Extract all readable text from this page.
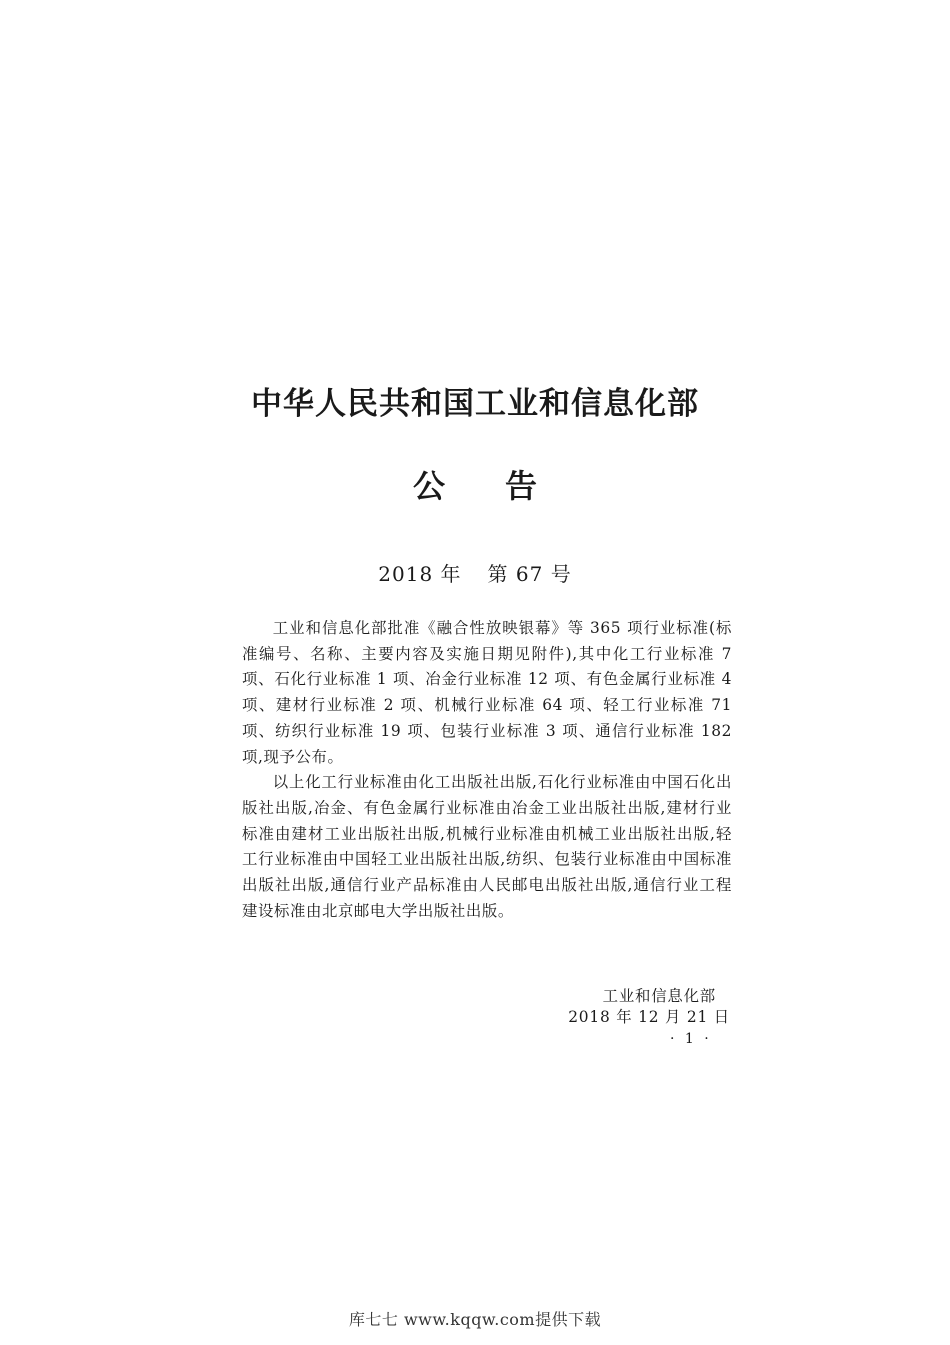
中华人民共和国工业和信息化部
公告
2018 年 第 67 号

工业和信息化部批准《融合性放映银幕》等 365 项行业标准(标准编号、名称、主要内容及实施日期见附件),其中化工行业标准 7 项、石化行业标准 1 项、冶金行业标准 12 项、有色金属行业标准 4 项、建材行业标准 2 项、机械行业标准 64 项、轻工行业标准 71 项、纺织行业标准 19 项、包装行业标准 3 项、通信行业标准 182 项,现予公布。

以上化工行业标准由化工出版社出版,石化行业标准由中国石化出版社出版,冶金、有色金属行业标准由冶金工业出版社出版,建材行业标准由建材工业出版社出版,机械行业标准由机械工业出版社出版,轻工行业标准由中国轻工业出版社出版,纺织、包装行业标准由中国标准出版社出版,通信行业产品标准由人民邮电出版社出版,通信行业工程建设标准由北京邮电大学出版社出版。

工业和信息化部
2018 年 12 月 21 日
· 1 ·
库七七 www.kqqw.com提供下载
